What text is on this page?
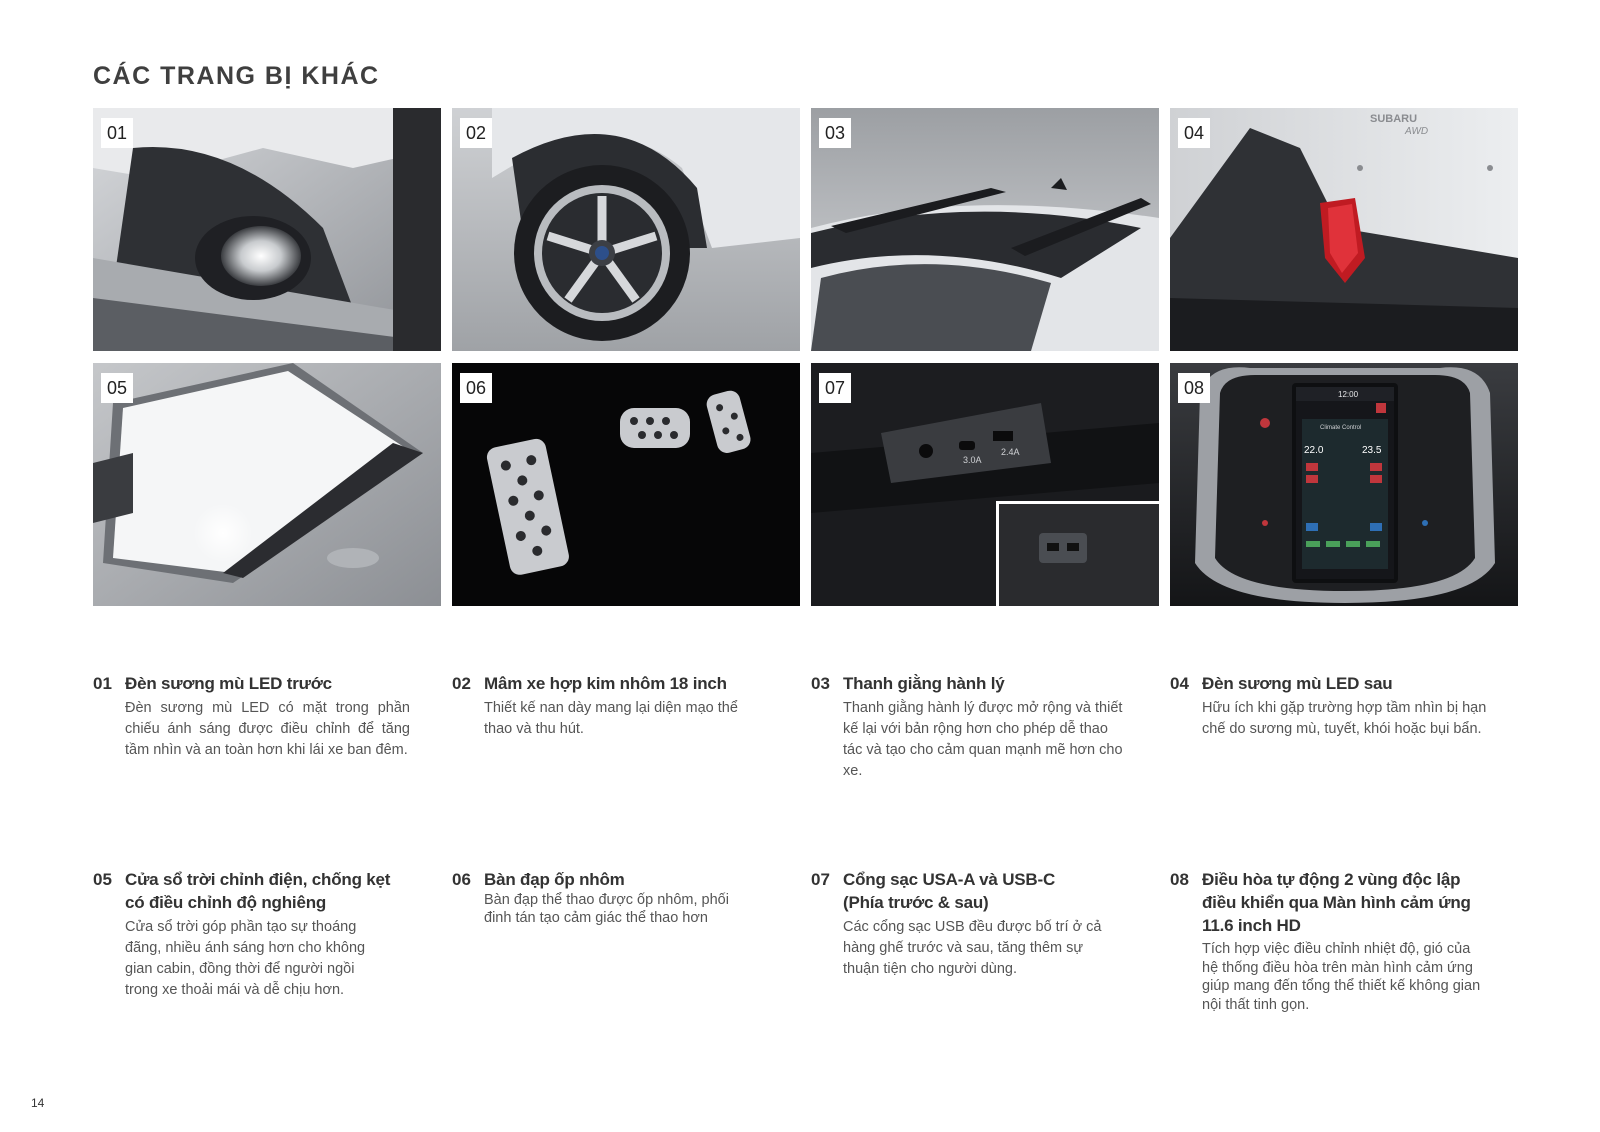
CÁC TRANG BỊ KHÁC
01	02	03
SUBARU
AWD
04
05	06
3.0A
2.4A
07	12:00
Climate Control
22.0	23.5
08
01 Đèn sương mù LED trước
Đèn sương mù LED có mặt trong phần chiếu ánh sáng được điều chỉnh để tăng tầm nhìn và an toàn hơn khi lái xe ban đêm.
02 Mâm xe hợp kim nhôm 18 inch
Thiết kế nan dày mang lại diện mạo thể thao và thu hút.
03 Thanh giằng hành lý
Thanh giằng hành lý được mở rộng và thiết kế lại với bản rộng hơn cho phép dễ thao tác và tạo cho cảm quan mạnh mẽ hơn cho xe.
04 Đèn sương mù LED sau
Hữu ích khi gặp trường hợp tầm nhìn bị hạn chế do sương mù, tuyết, khói hoặc bụi bẩn.
05 Cửa sổ trời chỉnh điện, chống kẹt có điều chỉnh độ nghiêng
Cửa sổ trời góp phần tạo sự thoáng đãng, nhiều ánh sáng hơn cho không gian cabin, đồng thời để người ngồi trong xe thoải mái và dễ chịu hơn.
06 Bàn đạp ốp nhôm
Bàn đạp thể thao được ốp nhôm, phối đinh tán tạo cảm giác thể thao hơn
07 Cổng sạc USA-A và USB-C (Phía trước & sau)
Các cổng sạc USB đều được bố trí ở cả hàng ghế trước và sau, tăng thêm sự thuận tiện cho người dùng.
08 Điều hòa tự động 2 vùng độc lập điều khiển qua Màn hình cảm ứng 11.6 inch HD
Tích hợp việc điều chỉnh nhiệt độ, gió của hệ thống điều hòa trên màn hình cảm ứng giúp mang đến tổng thể thiết kế không gian nội thất tinh gọn.
14
